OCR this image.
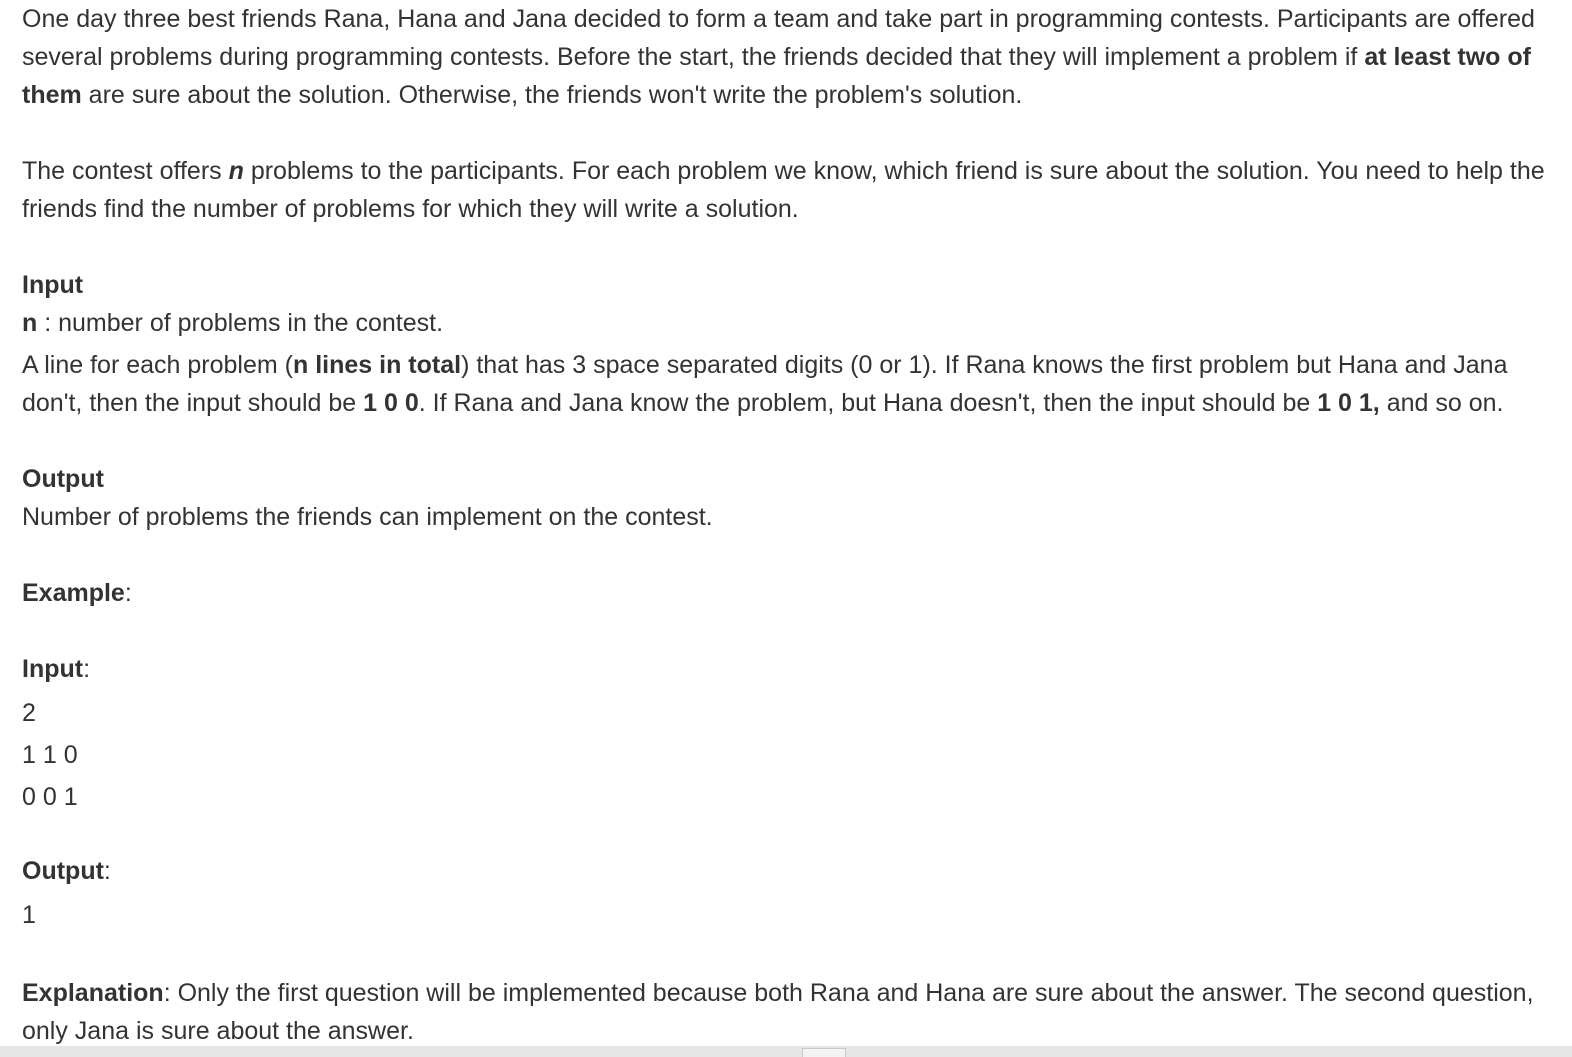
One day three best friends Rana, Hana and Jana decided to form a team and take part in programming contests. Participants are offered several problems during programming contests. Before the start, the friends decided that they will implement a problem if at least two of them are sure about the solution. Otherwise, the friends won't write the problem's solution.

The contest offers n problems to the participants. For each problem we know, which friend is sure about the solution. You need to help the friends find the number of problems for which they will write a solution.

Input

n : number of problems in the contest.

A line for each problem (n lines in total) that has 3 space separated digits (0 or 1). If Rana knows the first problem but Hana and Jana

don't, then the input should be 1 0 0. If Rana and Jana know the problem, but Hana doesn't, then the input should be 1 0 1, and so on.

Output

Number of problems the friends can implement on the contest.

Example:

Input:

2
1 1 0
0 0 1

Output:

1

Explanation: Only the first question will be implemented because both Rana and Hana are sure about the answer. The second question, only Jana is sure about the answer.
